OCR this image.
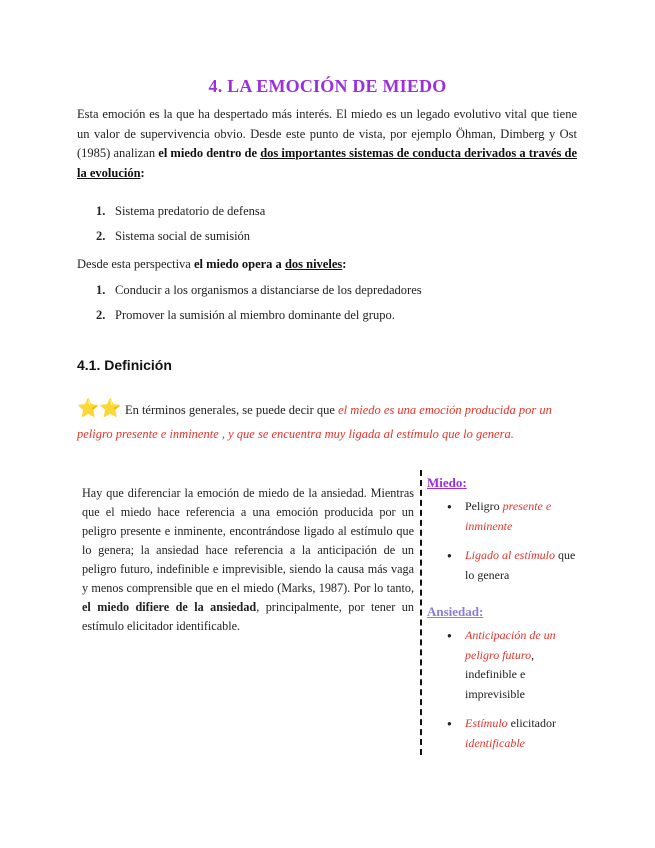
4. LA EMOCIÓN DE MIEDO

Esta emoción es la que ha despertado más interés. El miedo es un legado evolutivo vital que tiene un valor de supervivencia obvio. Desde este punto de vista, por ejemplo Öhman, Dimberg y Ost (1985) analizan el miedo dentro de dos importantes sistemas de conducta derivados a través de la evolución:

1. Sistema predatorio de defensa
2. Sistema social de sumisión

Desde esta perspectiva el miedo opera a dos niveles:

1. Conducir a los organismos a distanciarse de los depredadores
2. Promover la sumisión al miembro dominante del grupo.
4.1. Definición

⭐⭐ En términos generales, se puede decir que el miedo es una emoción producida por un peligro presente e inminente , y que se encuentra muy ligada al estímulo que lo genera.

Hay que diferenciar la emoción de miedo de la ansiedad. Mientras que el miedo hace referencia a una emoción producida por un peligro presente e inminente, encontrándose ligado al estímulo que lo genera; la ansiedad hace referencia a la anticipación de un peligro futuro, indefinible e imprevisible, siendo la causa más vaga y menos comprensible que en el miedo (Marks, 1987). Por lo tanto, el miedo difiere de la ansiedad, principalmente, por tener un estímulo elicitador identificable.

Miedo:
● Peligro presente e inminente
● Ligado al estímulo que lo genera
Ansiedad:
● Anticipación de un peligro futuro, indefinible e imprevisible
● Estímulo elicitador identificable
